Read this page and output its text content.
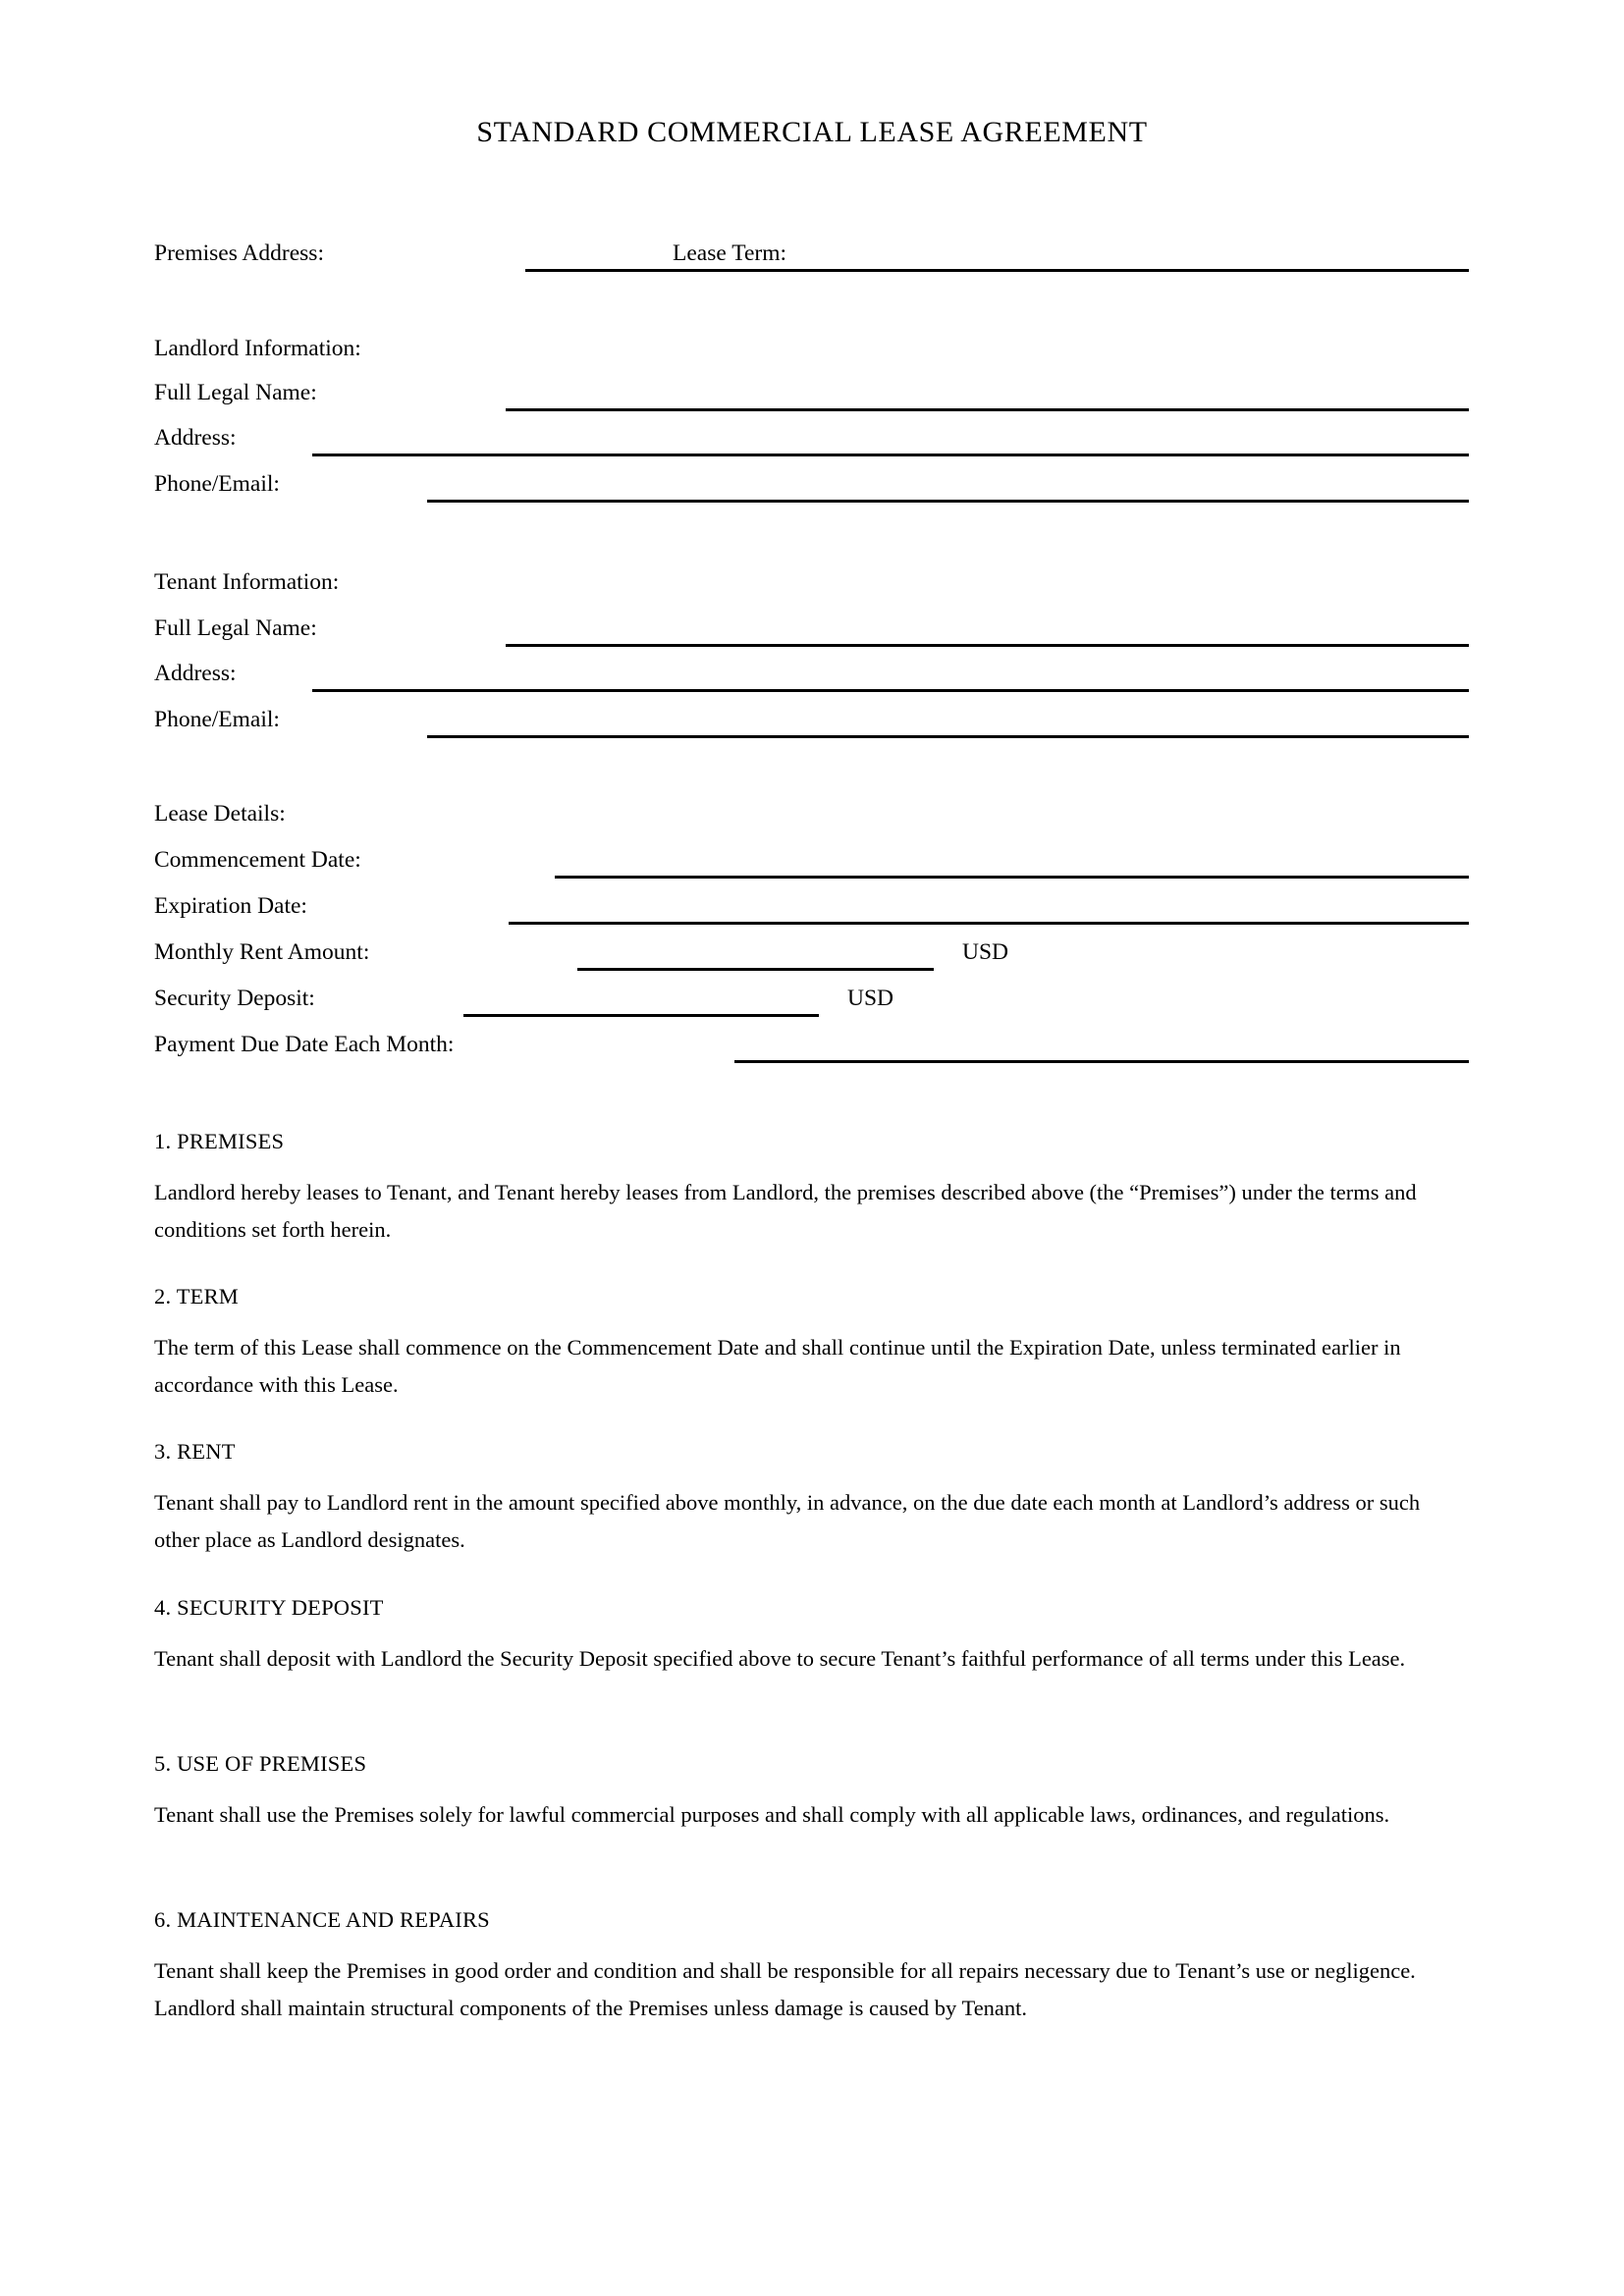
STANDARD COMMERCIAL LEASE AGREEMENT
Premises Address:	Lease Term:
Landlord Information:
Full Legal Name:
Address:
Phone/Email:
Tenant Information:
Full Legal Name:
Address:
Phone/Email:
Lease Details:
Commencement Date:
Expiration Date:
Monthly Rent Amount:	USD
Security Deposit:	USD
Payment Due Date Each Month:
1. PREMISES

Landlord hereby leases to Tenant, and Tenant hereby leases from Landlord, the premises described above (the “Premises”) under the terms and conditions set forth herein.

2. TERM

The term of this Lease shall commence on the Commencement Date and shall continue until the Expiration Date, unless terminated earlier in accordance with this Lease.

3. RENT

Tenant shall pay to Landlord rent in the amount specified above monthly, in advance, on the due date each month at Landlord’s address or such other place as Landlord designates.

4. SECURITY DEPOSIT

Tenant shall deposit with Landlord the Security Deposit specified above to secure Tenant’s faithful performance of all terms under this Lease.

5. USE OF PREMISES

Tenant shall use the Premises solely for lawful commercial purposes and shall comply with all applicable laws, ordinances, and regulations.

6. MAINTENANCE AND REPAIRS

Tenant shall keep the Premises in good order and condition and shall be responsible for all repairs necessary due to Tenant’s use or negligence. Landlord shall maintain structural components of the Premises unless damage is caused by Tenant.
